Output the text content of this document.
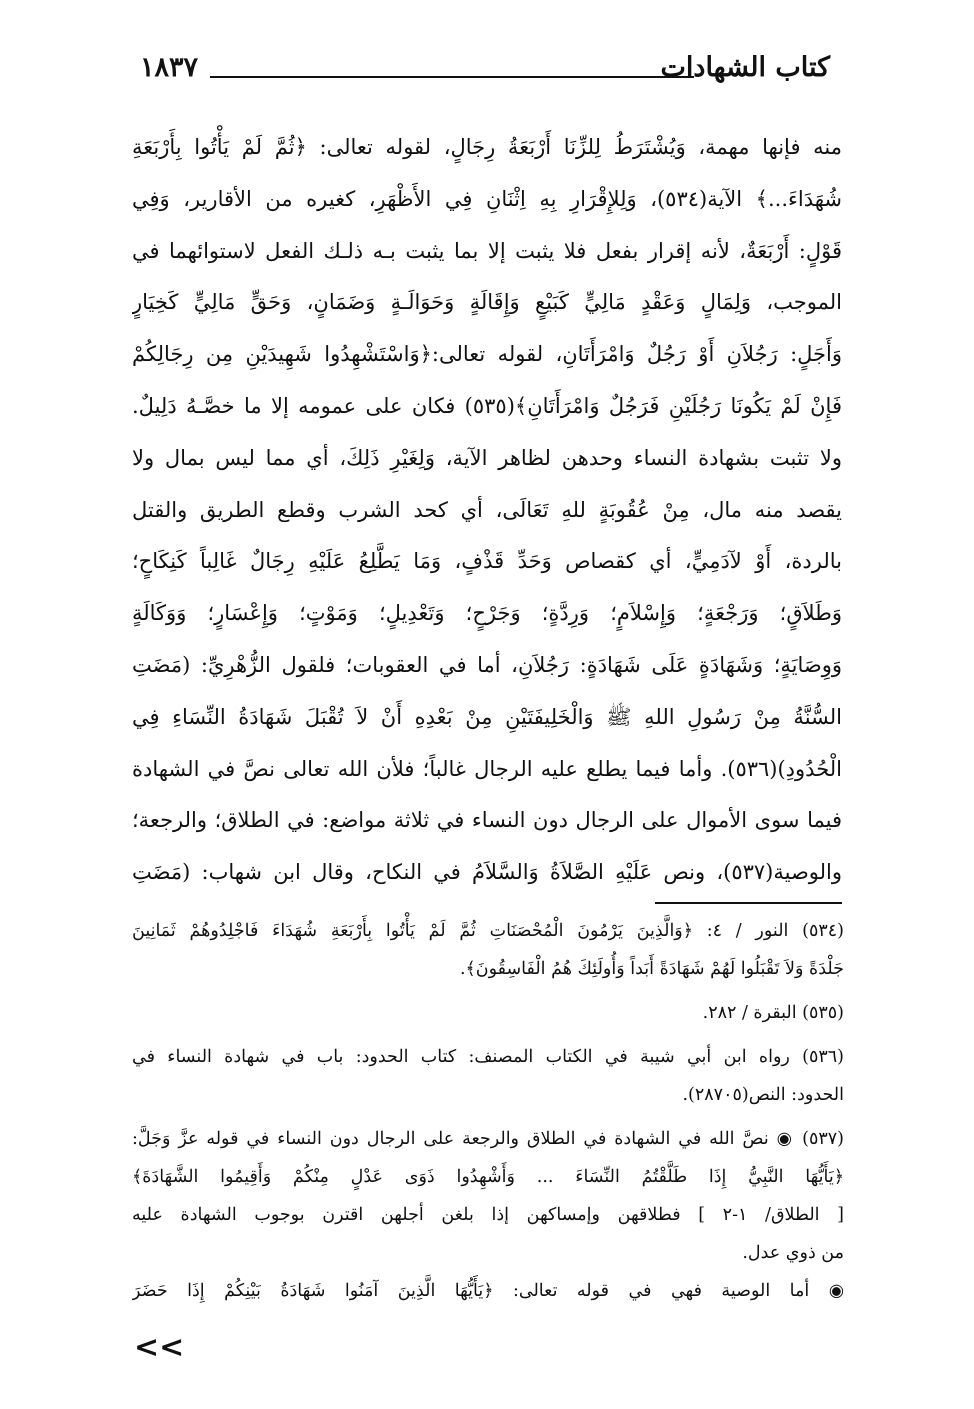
١٨٣٧	كتاب الشهادات
منه فإنها مهمة، وَيُشْتَرَطُ لِلزِّنَا أَرْبَعَةُ رِجَالٍ، لقوله تعالى: ﴿ثُمَّ لَمْ يَأْتُوا بِأَرْبَعَةِ
شُهَدَاءَ...﴾ الآية(٥٣٤)، وَلِلإِقْرَارِ بِهِ اِثْنَانِ فِي الأَظْهَرِ، كغيره من الأقارير، وَفِي
قَوْلٍ: أَرْبَعَةٌ، لأنه إقرار بفعل فلا يثبت إلا بما يثبت بـه ذلـك الفعل لاستوائهما في
الموجب، وَلِمَالٍ وَعَقْدٍ مَالِيٍّ كَبَيْعٍ وَإِقَالَةٍ وَحَوَالَـةٍ وَضَمَانٍ، وَحَقٍّ مَالِيٍّ كَخِيَارٍ
وَأَجَلٍ: رَجُلاَنِ أَوْ رَجُلٌ وَامْرَأَتَانِ، لقوله تعالى:﴿وَاسْتَشْهِدُوا شَهِيدَيْنِ مِن رِجَالِكُمْ
فَإِنْ لَمْ يَكُونَا رَجُلَيْنِ فَرَجُلٌ وَامْرَأَتَانِ﴾(٥٣٥) فكان على عمومه إلا ما خصَّـهُ دَلِيلٌ.
ولا تثبت بشهادة النساء وحدهن لظاهر الآية، وَلِغَيْرِ ذَلِكَ، أي مما ليس بمال ولا
يقصد منه مال، مِنْ عُقُوبَةٍ للهِ تَعَالَى، أي كحد الشرب وقطع الطريق والقتل
بالردة، أَوْ لآدَمِيٍّ، أي كقصاص وَحَدِّ قَذْفٍ، وَمَا يَطَّلِعُ عَلَيْهِ رِجَالٌ غَالِباً كَنِكَاحٍ؛
وَطَلاَقٍ؛ وَرَجْعَةٍ؛ وَإِسْلاَمٍ؛ وَرِدَّةٍ؛ وَجَرْحٍ؛ وَتَعْدِيلٍ؛ وَمَوْتٍ؛ وَإِعْسَارٍ؛ وَوَكَالَةٍ
وَوِصَايَةٍ؛ وَشَهَادَةٍ عَلَى شَهَادَةٍ: رَجُلاَنِ، أما في العقوبات؛ فلقول الزُّهْرِيِّ: (مَضَتِ
السُّنَّةُ مِنْ رَسُولِ اللهِ ﷺ وَالْخَلِيفَتَيْنِ مِنْ بَعْدِهِ أَنْ لاَ تُقْبَلَ شَهَادَةُ النِّسَاءِ فِي
الْحُدُودِ)(٥٣٦). وأما فيما يطلع عليه الرجال غالباً؛ فلأن الله تعالى نصَّ في الشهادة
فيما سوى الأموال على الرجال دون النساء في ثلاثة مواضع: في الطلاق؛ والرجعة؛
والوصية(٥٣٧)، ونص عَلَيْهِ الصَّلاَةُ وَالسَّلاَمُ في النكاح، وقال ابن شهاب: (مَضَتِ
(٥٣٤) النور / ٤: ﴿وَالَّذِينَ يَرْمُونَ الْمُحْصَنَاتِ ثُمَّ لَمْ يَأْتُوا بِأَرْبَعَةِ شُهَدَاءَ فَاجْلِدُوهُمْ ثَمَانِينَ
جَلْدَةً وَلاَ تَقْبَلُوا لَهُمْ شَهَادَةً أَبَداً وَأُولَئِكَ هُمُ الْفَاسِقُونَ﴾.
(٥٣٥) البقرة / ٢٨٢.
(٥٣٦) رواه ابن أبي شيبة في الكتاب المصنف: كتاب الحدود: باب في شهادة النساء في
الحدود: النص(٢٨٧٠٥).
(٥٣٧) ◉ نصَّ الله في الشهادة في الطلاق والرجعة على الرجال دون النساء في قوله عزَّ وَجَلَّ:
﴿يَأَيُّهَا النَّبِيُّ إِذَا طَلَّقْتُمُ النِّسَاءَ ... وَأَشْهِدُوا ذَوَى عَدْلٍ مِنْكُمْ وَأَقِيمُوا الشَّهَادَةَ﴾
[ الطلاق/ ١-٢ ] فطلاقهن وإمساكهن إذا بلغن أجلهن اقترن بوجوب الشهادة عليه
من ذوي عدل.
◉ أما الوصية فهي في قوله تعالى: ﴿يَأَيُّهَا الَّذِينَ آمَنُوا شَهَادَةُ بَيْنِكُمْ إِذَا حَضَرَ
<<
